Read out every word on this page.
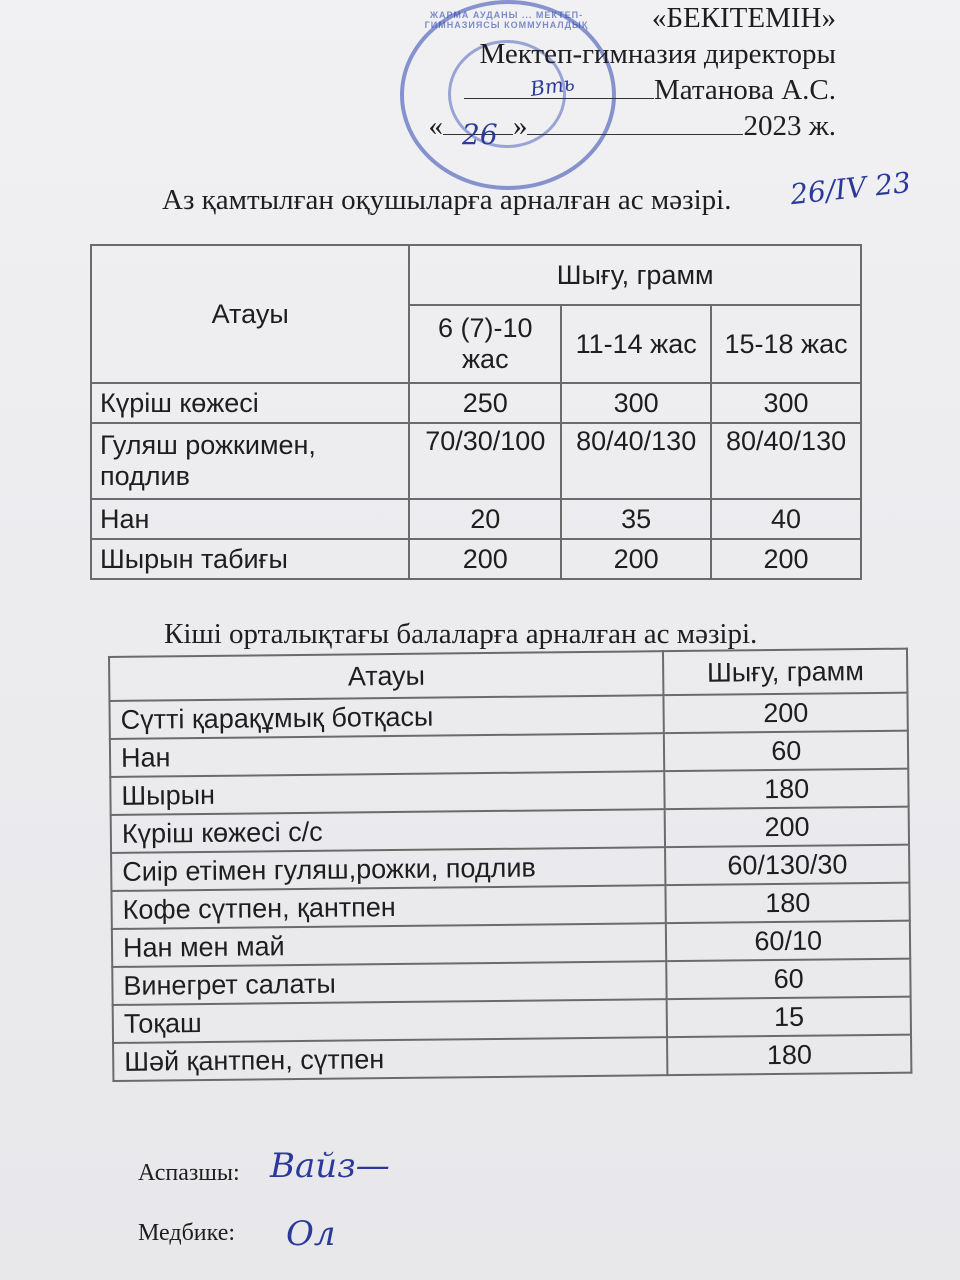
ЖАРМА АУДАНЫ ... МЕКТЕП-ГИМНАЗИЯСЫ КОММУНАЛДЫҚ	«БЕКІТЕМІН»
Мектеп-гимназия директоры
Матанова А.С.
« »	2023 ж.
Вть
26
Аз қамтылған оқушыларға арналған ас мәзірі. 26/IV 23
Атауы	Шығу, грамм		
	6 (7)-10 жас	11-14 жас	15-18 жас
Күріш көжесі	250	300	300
Гуляш рожкимен, подлив	70/30/100	80/40/130	80/40/130
Нан	20	35	40
Шырын табиғы	200	200	200
Кіші орталықтағы балаларға арналған ас мәзірі.
Атауы	Шығу, грамм
Сүтті қарақұмық ботқасы	200
Нан	60
Шырын	180
Күріш көжесі с/с	200
Сиір етімен гуляш,рожки, подлив	60/130/30
Кофе сүтпен, қантпен	180
Нан мен май	60/10
Винегрет салаты	60
Тоқаш	15
Шәй қантпен, сүтпен	180
Аспазшы: Вайз—
Медбике: Ол
